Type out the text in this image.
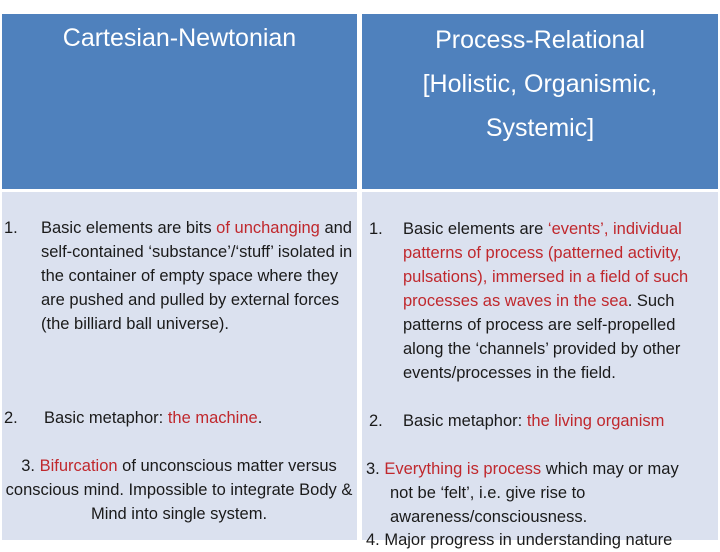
Cartesian-Newtonian	Process-Relational
[Holistic, Organismic,
Systemic]
1. Basic elements are bits of unchanging and self-contained ‘substance’/‘stuff’ isolated in the container of empty space where they are pushed and pulled by external forces (the billiard ball universe).
2. Basic metaphor: the machine.
3. Bifurcation of unconscious matter versus conscious mind. Impossible to integrate Body & Mind into single system.
1. Basic elements are ‘events’, individual patterns of process (patterned activity, pulsations), immersed in a field of such processes as waves in the sea. Such patterns of process are self-propelled along the ‘channels’ provided by other events/processes in the field.
2. Basic metaphor: the living organism
3. Everything is process which may or may
not be ‘felt’, i.e. give rise to awareness/consciousness.
4. Major progress in understanding nature
